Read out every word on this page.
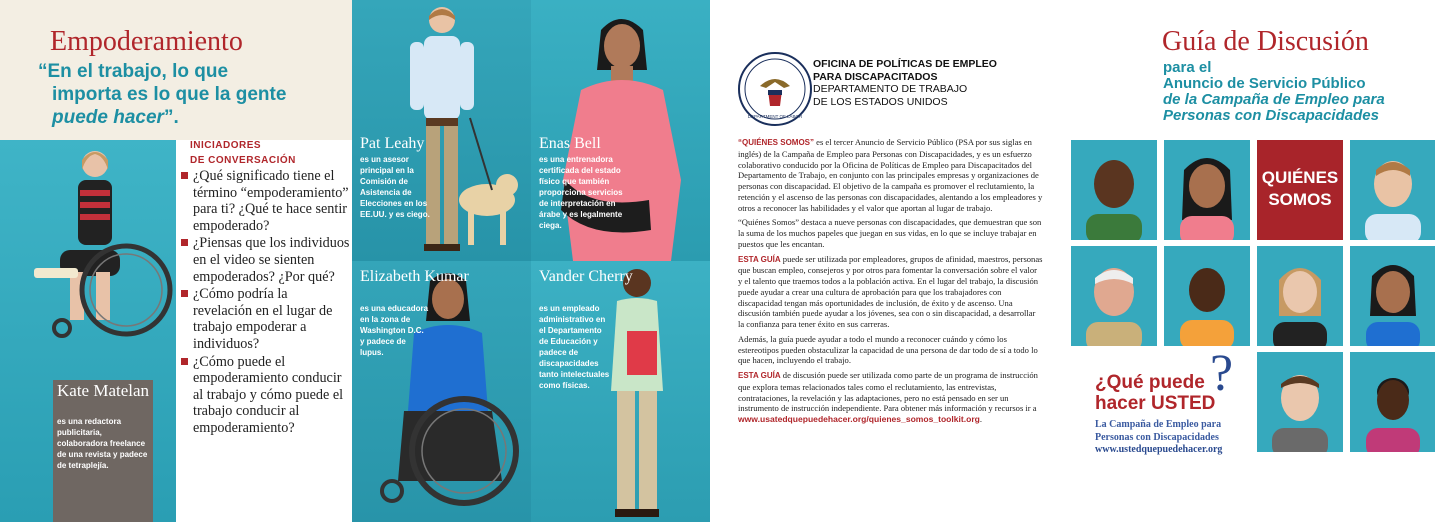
Empoderamiento
“En el trabajo, lo que
importa es lo que la gente
puede hacer”.
Kate Matelan
es una redactora publicitaria, colaboradora freelance de una revista y padece de tetraplejía.
INICIADORES
DE CONVERSACIÓN
¿Qué significado tiene el término “empoderamiento” para ti? ¿Qué te hace sentir empoderado?
¿Piensas que los individuos en el video se sienten empoderados? ¿Por qué?
¿Cómo podría la revelación en el lugar de trabajo empoderar a individuos?
¿Cómo puede el empoderamiento conducir al trabajo y cómo puede el trabajo conducir al empoderamiento?
Pat Leahy
es un asesor principal en la Comisión de Asistencia de Elecciones en los EE.UU. y es ciego.
Enas Bell
es una entrenadora certificada del estado físico que también proporciona servicios de interpretación en árabe y es legalmente ciega.
Elizabeth Kumar
es una educadora en la zona de Washington D.C. y padece de lupus.
Vander Cherry
es un empleado administrativo en el Departamento de Educación y padece de discapacidades tanto intelectuales como físicas.
DEPARTMENT OF LABOR
OFICINA DE POLÍTICAS DE EMPLEO
PARA DISCAPACITADOS
DEPARTAMENTO DE TRABAJO
DE LOS ESTADOS UNIDOS

“QUIÉNES SOMOS” es el tercer Anuncio de Servicio Público (PSA por sus siglas en inglés) de la Campaña de Empleo para Personas con Discapacidades, y es un esfuerzo colaborativo conducido por la Oficina de Políticas de Empleo para Discapacitados del Departamento de Trabajo, en conjunto con las principales empresas y organizaciones de personas con discapacidad. El objetivo de la campaña es promover el reclutamiento, la retención y el ascenso de las personas con discapacidades, alentando a los empleadores y otros a reconocer las habilidades y el valor que aportan al lugar de trabajo.

“Quiénes Somos” destaca a nueve personas con discapacidades, que demuestran que son la suma de los muchos papeles que juegan en sus vidas, en lo que se incluye trabajar en puestos que les encantan.

ESTA GUÍA puede ser utilizada por empleadores, grupos de afinidad, maestros, personas que buscan empleo, consejeros y por otros para fomentar la conversación sobre el valor y el talento que traemos todos a la población activa. En el lugar del trabajo, la discusión puede ayudar a crear una cultura de aprobación para que los trabajadores con discapacidad tengan más oportunidades de inclusión, de éxito y de ascenso. Una discusión también puede ayudar a los jóvenes, sea con o sin discapacidad, a desarrollar la confianza para tener éxito en sus carreras.

Además, la guía puede ayudar a todo el mundo a reconocer cuándo y cómo los estereotipos pueden obstaculizar la capacidad de una persona de dar todo de sí a todo lo que hacen, incluyendo el trabajo.

ESTA GUÍA de discusión puede ser utilizada como parte de un programa de instrucción que explora temas relacionados tales como el reclutamiento, las entrevistas, contrataciones, la revelación y las adaptaciones, pero no está pensado en ser un instrumento de instrucción independiente. Para obtener más información y recursos ir a www.usatedquepuedehacer.org/quienes_somos_toolkit.org.

Guía de Discusión
para el
Anuncio de Servicio Público
de la Campaña de Empleo para
Personas con Discapacidades
QUIÉNES
SOMOS
¿Qué puede
hacer USTED
?
La Campaña de Empleo para
Personas con Discapacidades
www.ustedquepuedehacer.org
